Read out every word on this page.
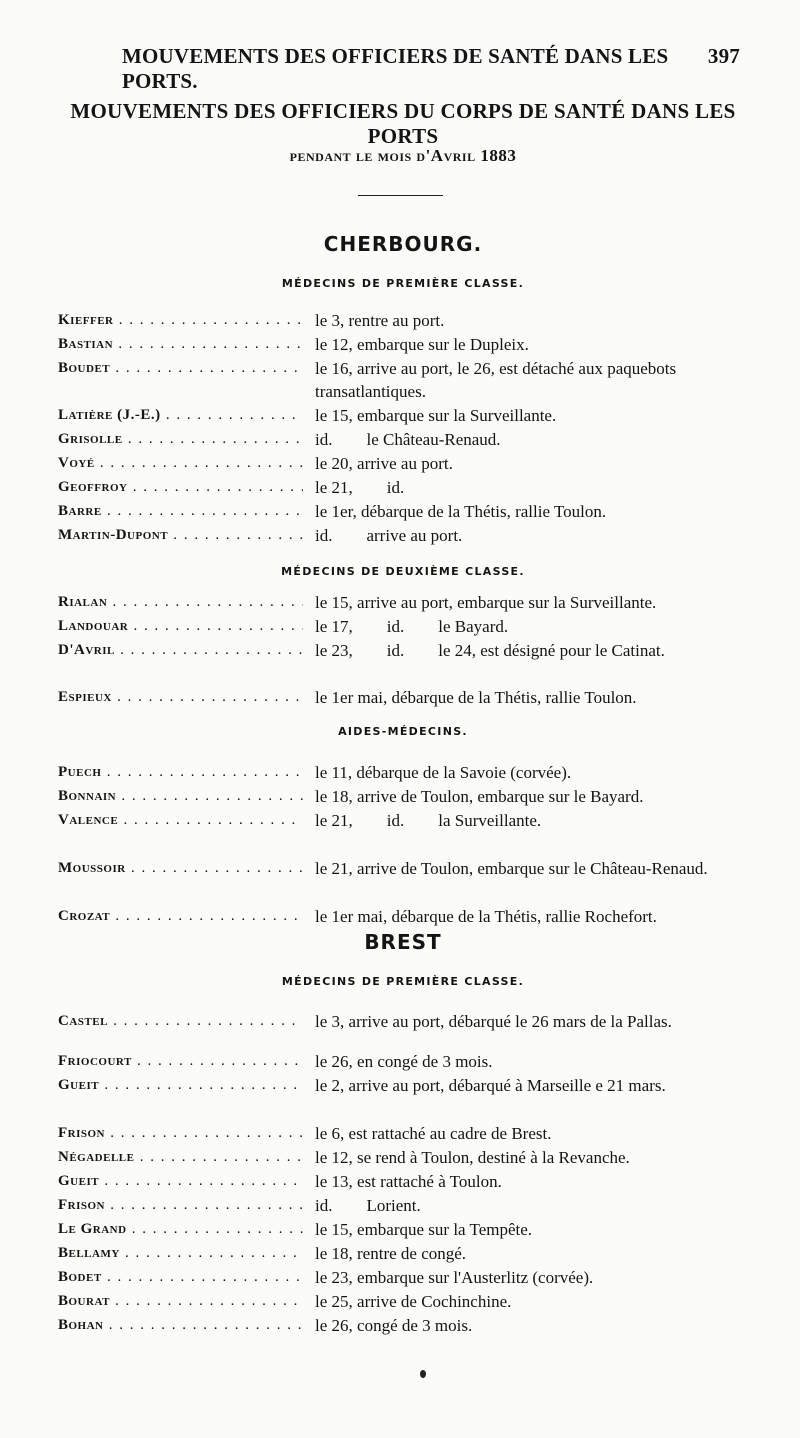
MOUVEMENTS DES OFFICIERS DE SANTÉ DANS LES PORTS.
397
MOUVEMENTS DES OFFICIERS DU CORPS DE SANTÉ DANS LES PORTS
pendant le mois d'Avril 1883
CHERBOURG.
MÉDECINS DE PREMIÈRE CLASSE.
Kieffer . . .	le 3, rentre au port.
Bastian . . .	le 12, embarque sur le Dupleix.
Boudet . . .	le 16, arrive au port, le 26, est détaché aux paquebots transatlantiques.
Latière (J.-E.) . . .	le 15, embarque sur la Surveillante.
Grisolle . . .	id.        le Château-Renaud.
Voyé . . .	le 20, arrive au port.
Geoffroy . . .	le 21,        id.
Barre . . .	le 1er, débarque de la Thétis, rallie Toulon.
Martin-Dupont . . .	id.        arrive au port.
MÉDECINS DE DEUXIÈME CLASSE.
Rialan . . .	le 15, arrive au port, embarque sur la Surveillante.
Landouar . . .	le 17,        id.        le Bayard.
D'Avril . . .	le 23,        id.        le 24, est désigné pour le Catinat.
Espieux . . .	le 1er mai, débarque de la Thétis, rallie Toulon.
AIDES-MÉDECINS.
Puech . . .	le 11, débarque de la Savoie (corvée).
Bonnain . . .	le 18, arrive de Toulon, embarque sur le Bayard.
Valence . . .	le 21,        id.        la Surveillante.
Moussoir . . .	le 21, arrive de Toulon, embarque sur le Château-Renaud.
Crozat . . .	le 1er mai, débarque de la Thétis, rallie Rochefort.
BREST
MÉDECINS DE PREMIÈRE CLASSE.
Castel . . .	le 3, arrive au port, débarqué le 26 mars de la Pallas.
Friocourt . . .	le 26, en congé de 3 mois.
Gueit . . .	le 2, arrive au port, débarqué à Marseille e 21 mars.
Frison . . .	le 6, est rattaché au cadre de Brest.
Négadelle . . .	le 12, se rend à Toulon, destiné à la Revanche.
Gueit . . .	le 13, est rattaché à Toulon.
Frison . . .	id.        Lorient.
Le Grand . . .	le 15, embarque sur la Tempête.
Bellamy . . .	le 18, rentre de congé.
Bodet . . .	le 23, embarque sur l'Austerlitz (corvée).
Bourat . . .	le 25, arrive de Cochinchine.
Bohan . . .	le 26, congé de 3 mois.
